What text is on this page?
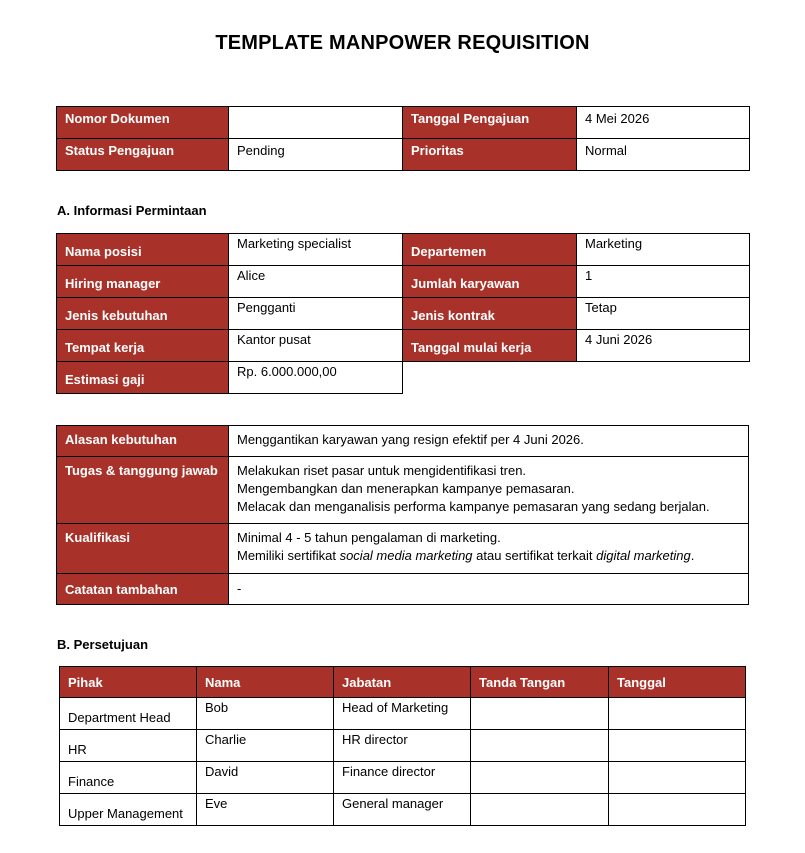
TEMPLATE MANPOWER REQUISITION
Nomor Dokumen		Tanggal Pengajuan	4 Mei 2026
Status Pengajuan	Pending	Prioritas	Normal
A. Informasi Permintaan
Nama posisi	Marketing specialist	Departemen	Marketing
Hiring manager	Alice	Jumlah karyawan	1
Jenis kebutuhan	Pengganti	Jenis kontrak	Tetap
Tempat kerja	Kantor pusat	Tanggal mulai kerja	4 Juni 2026
Estimasi gaji	Rp. 6.000.000,00		
Alasan kebutuhan	Menggantikan karyawan yang resign efektif per 4 Juni 2026.
Tugas & tanggung jawab	Melakukan riset pasar untuk mengidentifikasi tren.
Mengembangkan dan menerapkan kampanye pemasaran.
Melacak dan menganalisis performa kampanye pemasaran yang sedang berjalan.

Kualifikasi	Minimal 4 - 5 tahun pengalaman di marketing.
Memiliki sertifikat social media marketing atau sertifikat terkait digital marketing.

Catatan tambahan	-
B. Persetujuan
Pihak	Nama	Jabatan	Tanda Tangan	Tanggal
Department Head	Bob	Head of Marketing		
HR	Charlie	HR director		
Finance	David	Finance director		
Upper Management	Eve	General manager		
